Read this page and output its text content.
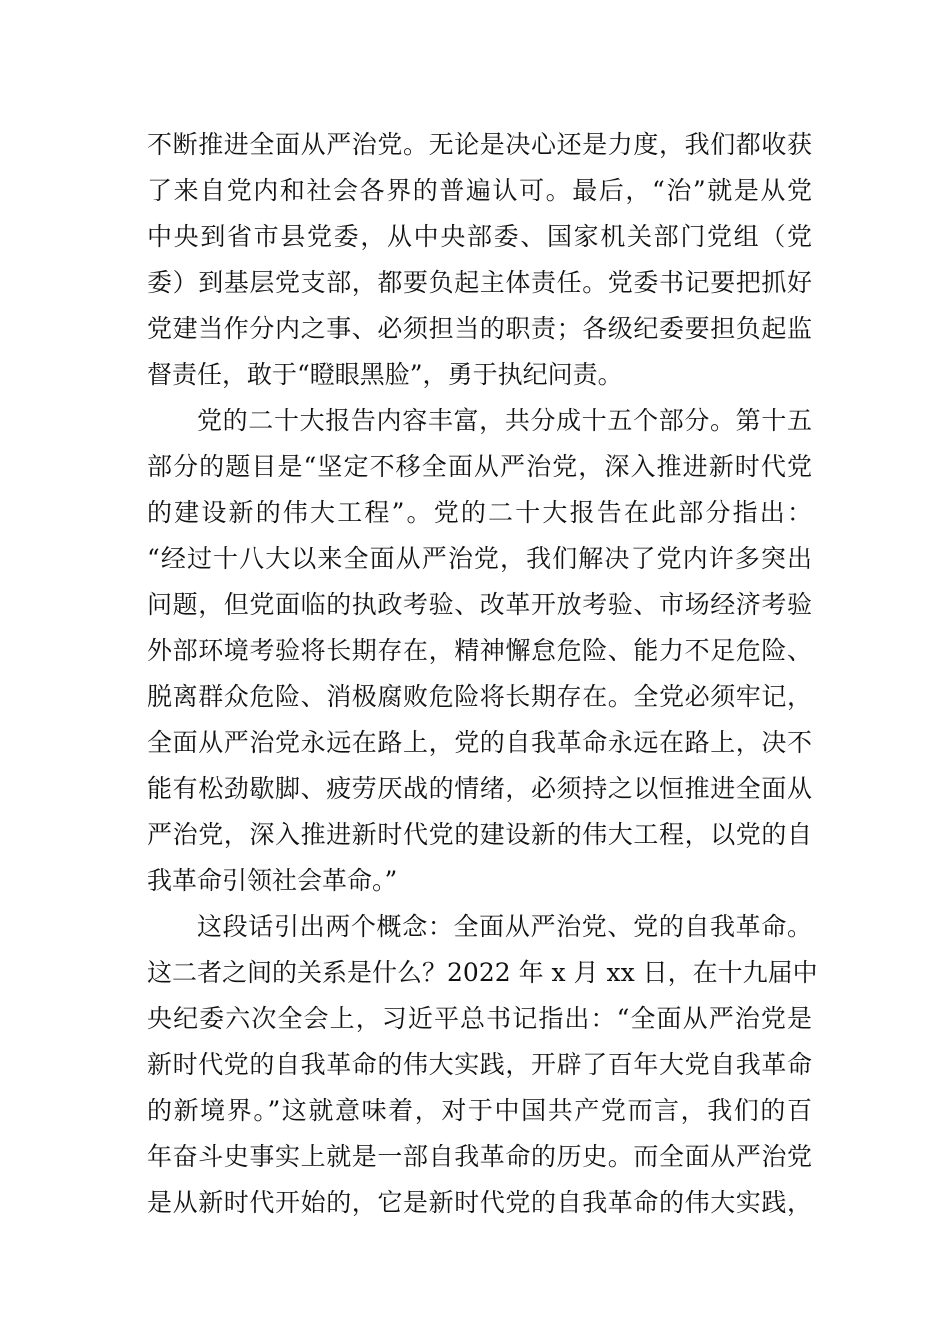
不断推进全面从严治党。无论是决心还是力度，我们都收获
了来自党内和社会各界的普遍认可。最后，“治”就是从党
中央到省市县党委，从中央部委、国家机关部门党组（党
委）到基层党支部，都要负起主体责任。党委书记要把抓好
党建当作分内之事、必须担当的职责；各级纪委要担负起监
督责任，敢于“瞪眼黑脸”，勇于执纪问责。
党的二十大报告内容丰富，共分成十五个部分。第十五
部分的题目是“坚定不移全面从严治党，深入推进新时代党
的建设新的伟大工程”。党的二十大报告在此部分指出：
“经过十八大以来全面从严治党，我们解决了党内许多突出
问题，但党面临的执政考验、改革开放考验、市场经济考验
外部环境考验将长期存在，精神懈怠危险、能力不足危险、
脱离群众危险、消极腐败危险将长期存在。全党必须牢记，
全面从严治党永远在路上，党的自我革命永远在路上，决不
能有松劲歇脚、疲劳厌战的情绪，必须持之以恒推进全面从
严治党，深入推进新时代党的建设新的伟大工程，以党的自
我革命引领社会革命。”
这段话引出两个概念：全面从严治党、党的自我革命。
这二者之间的关系是什么？2022 年 x 月 xx 日，在十九届中
央纪委六次全会上，习近平总书记指出：“全面从严治党是
新时代党的自我革命的伟大实践，开辟了百年大党自我革命
的新境界。”这就意味着，对于中国共产党而言，我们的百
年奋斗史事实上就是一部自我革命的历史。而全面从严治党
是从新时代开始的，它是新时代党的自我革命的伟大实践，
